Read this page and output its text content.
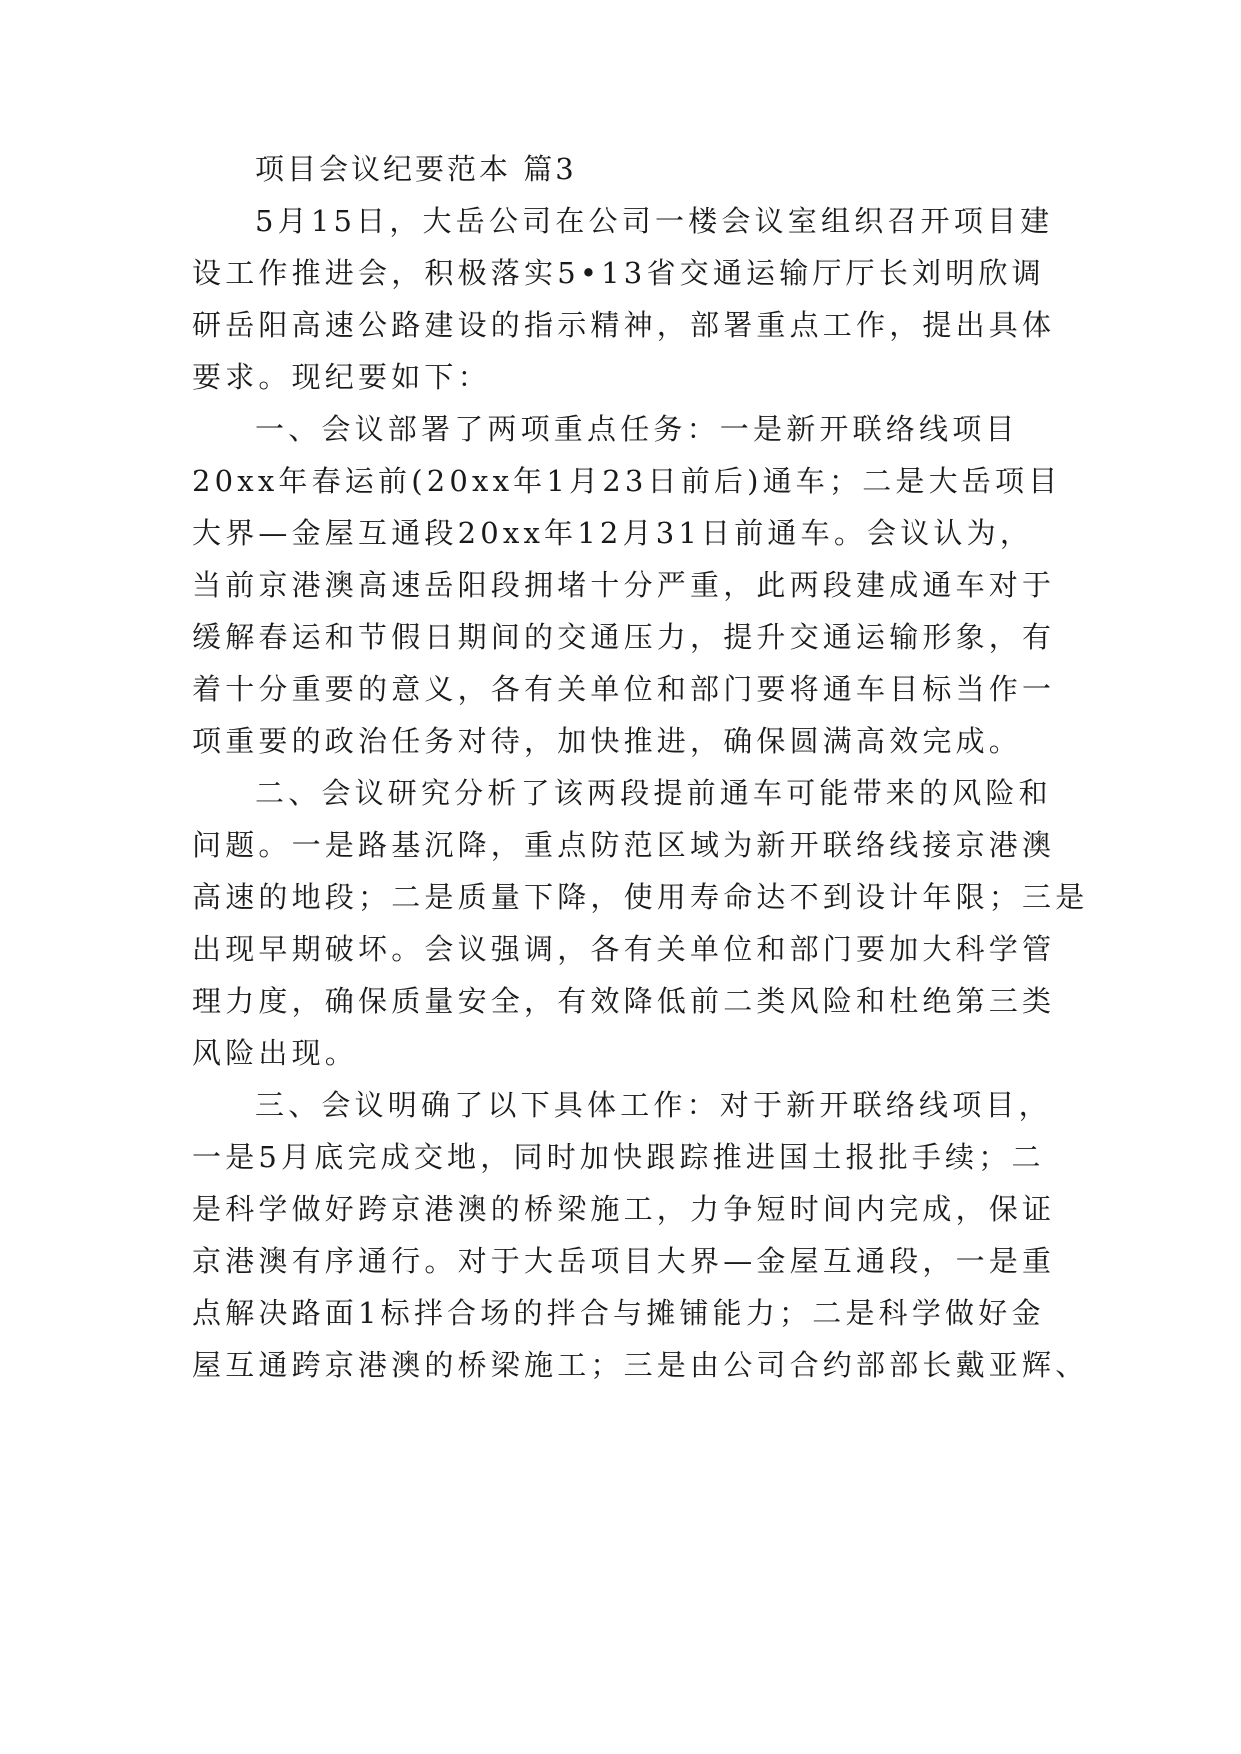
项目会议纪要范本 篇3
5月15日，大岳公司在公司一楼会议室组织召开项目建
设工作推进会，积极落实5•13省交通运输厅厅长刘明欣调
研岳阳高速公路建设的指示精神，部署重点工作，提出具体
要求。现纪要如下：
一、会议部署了两项重点任务：一是新开联络线项目
20xx年春运前(20xx年1月23日前后)通车；二是大岳项目
大界—金屋互通段20xx年12月31日前通车。会议认为，
当前京港澳高速岳阳段拥堵十分严重，此两段建成通车对于
缓解春运和节假日期间的交通压力，提升交通运输形象，有
着十分重要的意义，各有关单位和部门要将通车目标当作一
项重要的政治任务对待，加快推进，确保圆满高效完成。
二、会议研究分析了该两段提前通车可能带来的风险和
问题。一是路基沉降，重点防范区域为新开联络线接京港澳
高速的地段；二是质量下降，使用寿命达不到设计年限；三是
出现早期破坏。会议强调，各有关单位和部门要加大科学管
理力度，确保质量安全，有效降低前二类风险和杜绝第三类
风险出现。
三、会议明确了以下具体工作：对于新开联络线项目，
一是5月底完成交地，同时加快跟踪推进国土报批手续；二
是科学做好跨京港澳的桥梁施工，力争短时间内完成，保证
京港澳有序通行。对于大岳项目大界—金屋互通段，一是重
点解决路面1标拌合场的拌合与摊铺能力；二是科学做好金
屋互通跨京港澳的桥梁施工；三是由公司合约部部长戴亚辉、
